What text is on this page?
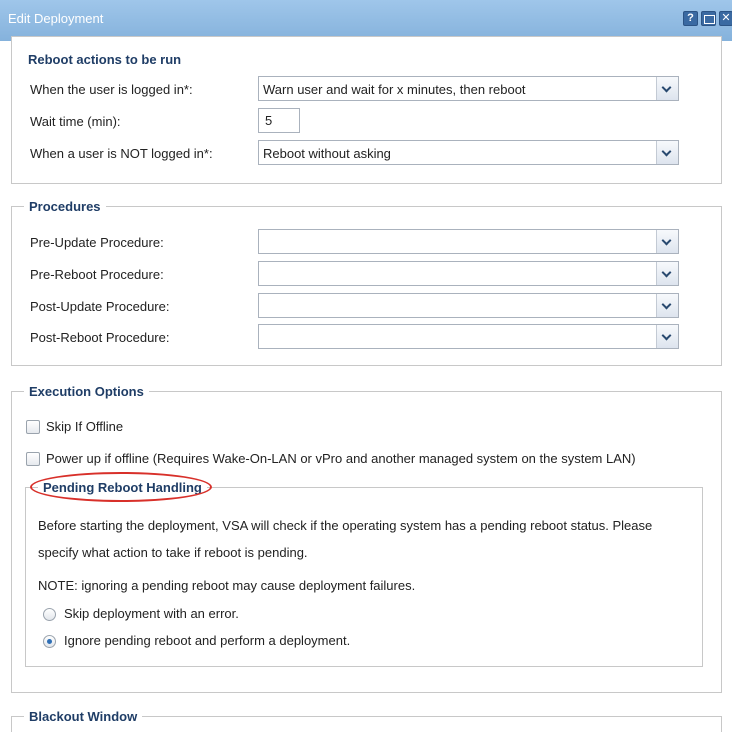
Edit Deployment	?	✕
Reboot actions to be run
When the user is logged in*:	Warn user and wait for x minutes, then reboot
Wait time (min):
5
When a user is NOT logged in*:	Reboot without asking
Procedures
Pre-Update Procedure:
Pre-Reboot Procedure:
Post-Update Procedure:
Post-Reboot Procedure:
Execution Options
Skip If Offline
Power up if offline (Requires Wake-On-LAN or vPro and another managed system on the system LAN)
Pending Reboot Handling
Before starting the deployment, VSA will check if the operating system has a pending reboot status. Please
specify what action to take if reboot is pending.
NOTE: ignoring a pending reboot may cause deployment failures.
Skip deployment with an error.
Ignore pending reboot and perform a deployment.
Blackout Window
